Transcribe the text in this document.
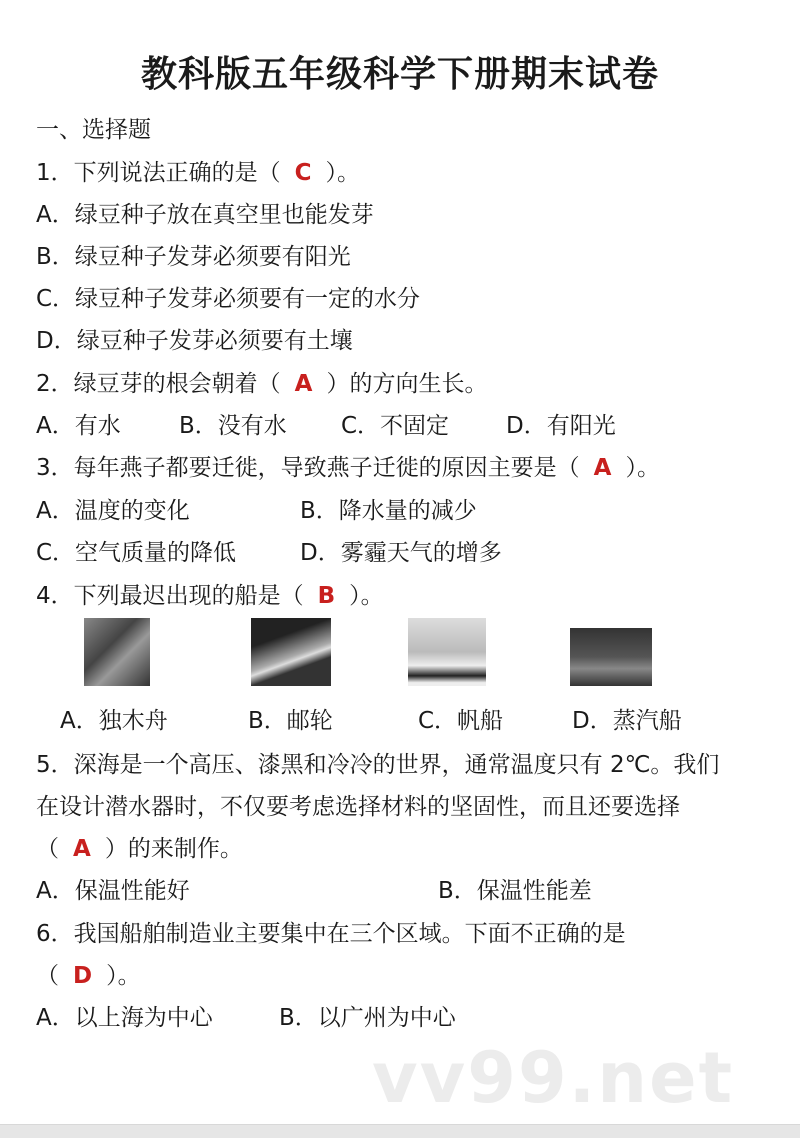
教科版五年级科学下册期末试卷
一、选择题
1．下列说法正确的是（ C ）。
A．绿豆种子放在真空里也能发芽
B．绿豆种子发芽必须要有阳光
C．绿豆种子发芽必须要有一定的水分
D．绿豆种子发芽必须要有土壤
2．绿豆芽的根会朝着（ A ）的方向生长。
A．有水	B．没有水 C．不固定 D．有阳光
3．每年燕子都要迁徙，导致燕子迁徙的原因主要是（ A ）。
A．温度的变化	B．降水量的减少
C．空气质量的降低	D．雾霾天气的增多
4．下列最迟出现的船是（ B ）。
A．独木舟	B．邮轮	C．帆船	D．蒸汽船
5．深海是一个高压、漆黑和冷冷的世界，通常温度只有 2℃。我们
在设计潜水器时，不仅要考虑选择材料的坚固性，而且还要选择
（ A ）的来制作。
A．保温性能好	B．保温性能差
6．我国船舶制造业主要集中在三个区域。下面不正确的是
（ D ）。
A．以上海为中心	B．以广州为中心
vv99.net
